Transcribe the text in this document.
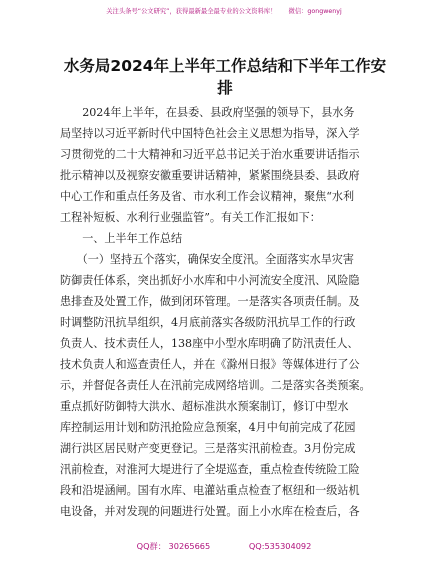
关注头条号“公文研究”，获得最新最全最专业的公文资料库！ 微信：gongwenyj
水务局2024年上半年工作总结和下半年工作安
排

　　2024年上半年，在县委、县政府坚强的领导下，县水务

局坚持以习近平新时代中国特色社会主义思想为指导，深入学

习贯彻党的二十大精神和习近平总书记关于治水重要讲话指示

批示精神以及视察安徽重要讲话精神，紧紧围绕县委、县政府

中心工作和重点任务及省、市水利工作会议精神，聚焦“水利

工程补短板、水利行业强监管”。有关工作汇报如下：

　　一、上半年工作总结

　　（一）坚持五个落实，确保安全度汛。全面落实水旱灾害

防御责任体系，突出抓好小水库和中小河流安全度汛、风险隐

患排查及处置工作，做到闭环管理。一是落实各项责任制。及

时调整防汛抗旱组织，4月底前落实各级防汛抗旱工作的行政

负责人、技术责任人，138座中小型水库明确了防汛责任人、

技术负责人和巡查责任人，并在《滁州日报》等媒体进行了公

示，并督促各责任人在汛前完成网络培训。二是落实各类预案。

重点抓好防御特大洪水、超标准洪水预案制订，修订中型水

库控制运用计划和防汛抢险应急预案，4月中旬前完成了花园

湖行洪区居民财产变更登记。三是落实汛前检查。3月份完成

汛前检查，对淮河大堤进行了全堤巡查，重点检查传统险工险

段和沿堤涵闸。国有水库、电灌站重点检查了枢纽和一级站机

电设备，并对发现的问题进行处置。面上小水库在检查后，各

QQ群： 30265665	QQ:535304092
